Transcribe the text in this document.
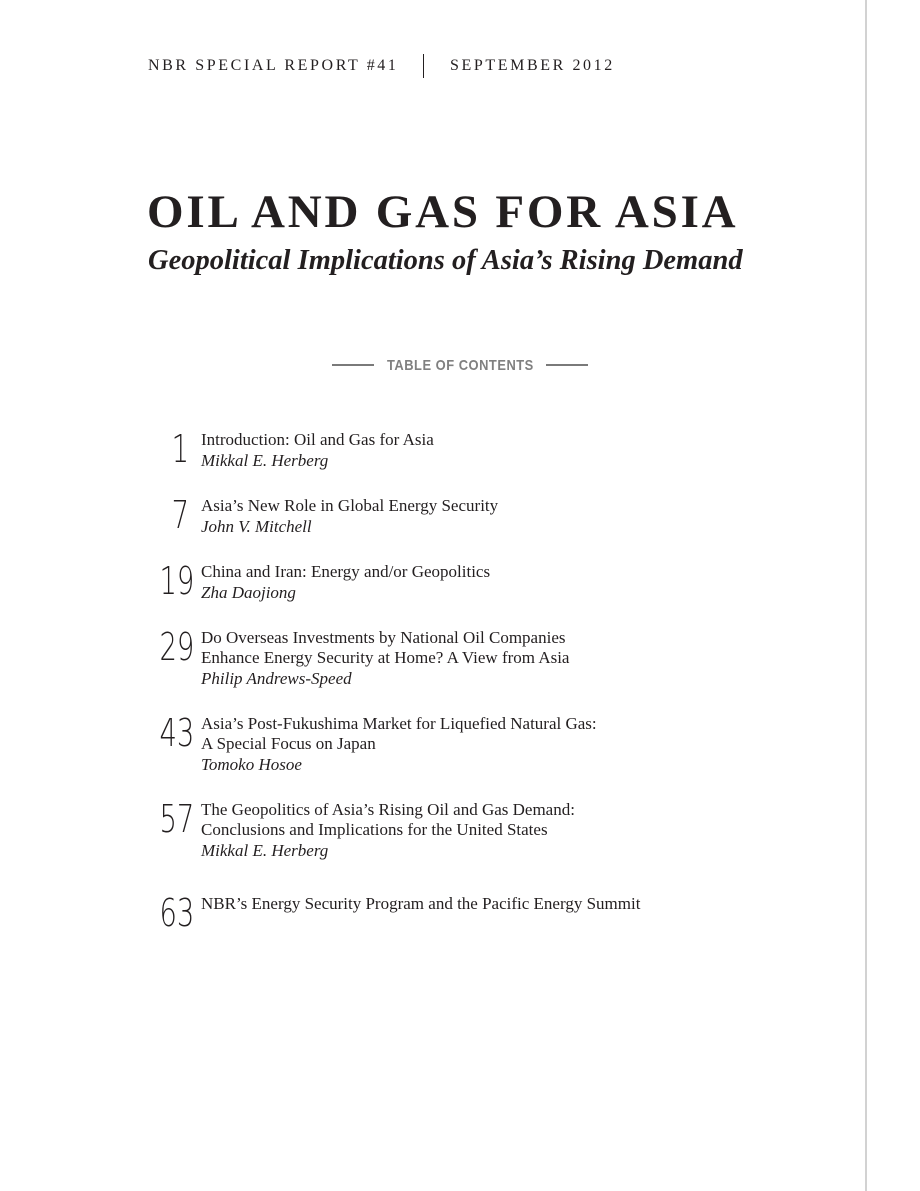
NBR SPECIAL REPORT #41	SEPTEMBER 2012
OIL AND GAS FOR ASIA
Geopolitical Implications of Asia’s Rising Demand
TABLE OF CONTENTS
1 Introduction: Oil and Gas for Asia
Mikkal E. Herberg
7 Asia’s New Role in Global Energy Security
John V. Mitchell
19 China and Iran: Energy and/or Geopolitics
Zha Daojiong
29 Do Overseas Investments by National Oil Companies
Enhance Energy Security at Home? A View from Asia
Philip Andrews-Speed
43 Asia’s Post-Fukushima Market for Liquefied Natural Gas:
A Special Focus on Japan
Tomoko Hosoe
57 The Geopolitics of Asia’s Rising Oil and Gas Demand:
Conclusions and Implications for the United States
Mikkal E. Herberg
63 NBR’s Energy Security Program and the Pacific Energy Summit
